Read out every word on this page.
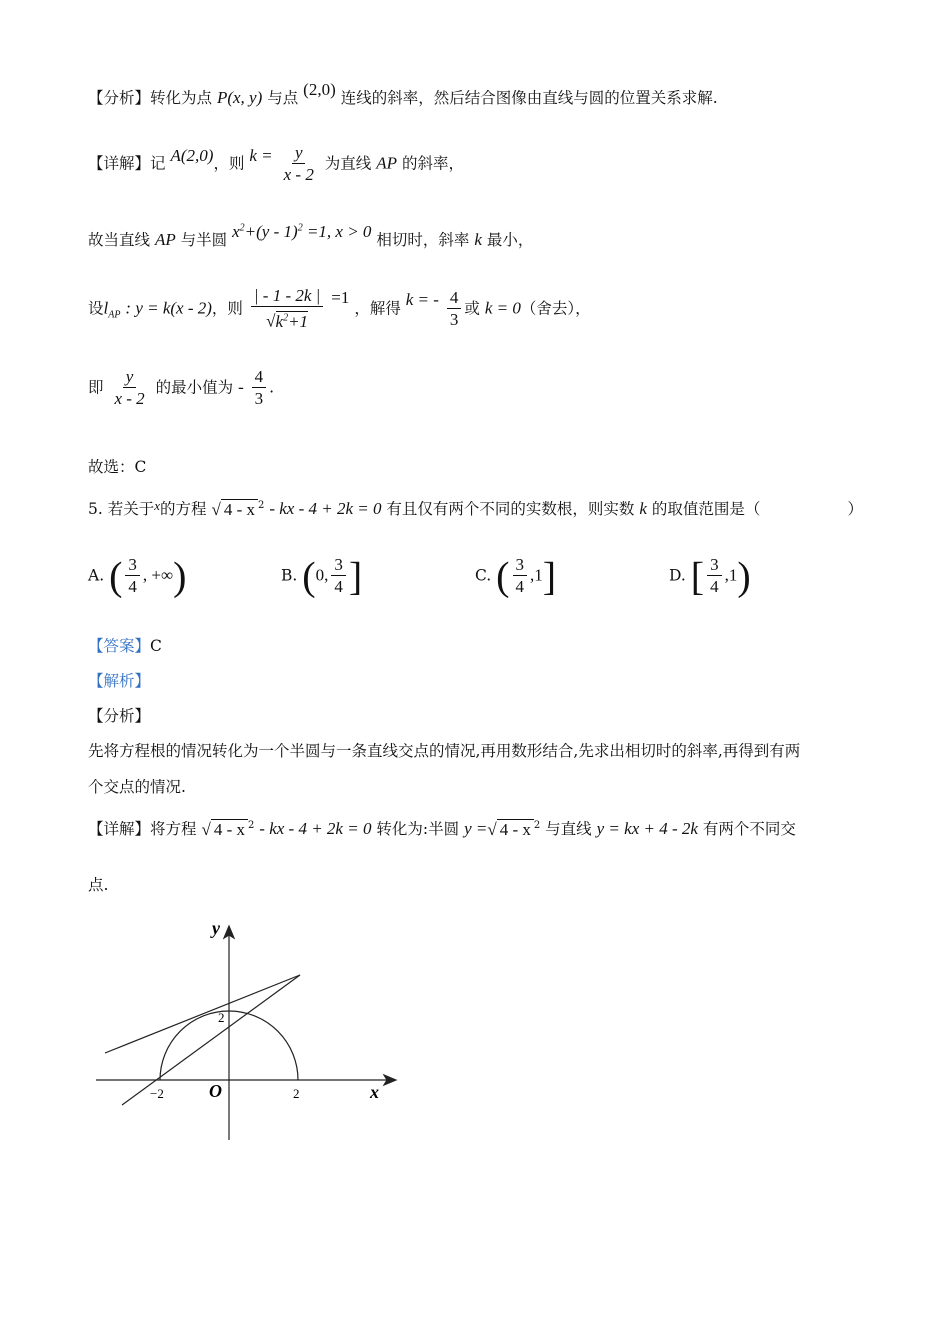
【分析】转化为点 P(x, y) 与点 (2,0) 连线的斜率，然后结合图像由直线与圆的位置关系求解.
【详解】记 A(2,0)，则 $k = \frac{y}{x - 2}$ 为直线 AP 的斜率，
故当直线 AP 与半圆 $x^2+(y - 1)^2 =1$, x > 0 相切时，斜率 k 最小，
设$l_{AP}$ : y = k(x - 2)，则 $\frac{| - 1 - 2k |}{√k^2+1} =1$ ，解得 k = - $\frac{4}{3}$ 或 k = 0（舍去），
即 $\frac{y}{x - 2}$ 的最小值为 - $\frac{4}{3}$ .
故选：C
5. 若关于$^x$的方程 √ 4 - x $^2$ - kx - 4 + 2k = 0 有且仅有两个不同的实数根，则实数 k 的取值范围是（	）
A. ( $\frac{3}{4}$ , +∞)	B. (0, $\frac{3}{4}$ ]	C. ( $\frac{3}{4} ,1$]	D. [ $\frac{3}{4} ,1$)
【答案】C
【解析】
【分析】
先将方程根的情况转化为一个半圆与一条直线交点的情况,再用数形结合,先求出相切时的斜率,再得到有两
个交点的情况.
【详解】将方程 √ 4 - x $^2$ - kx - 4 + 2k = 0 转化为:半圆 y =√ 4 - x $^2$ 与直线 y = kx + 4 - 2k 有两个不同交
点.
y
x
O
−2	2
2
